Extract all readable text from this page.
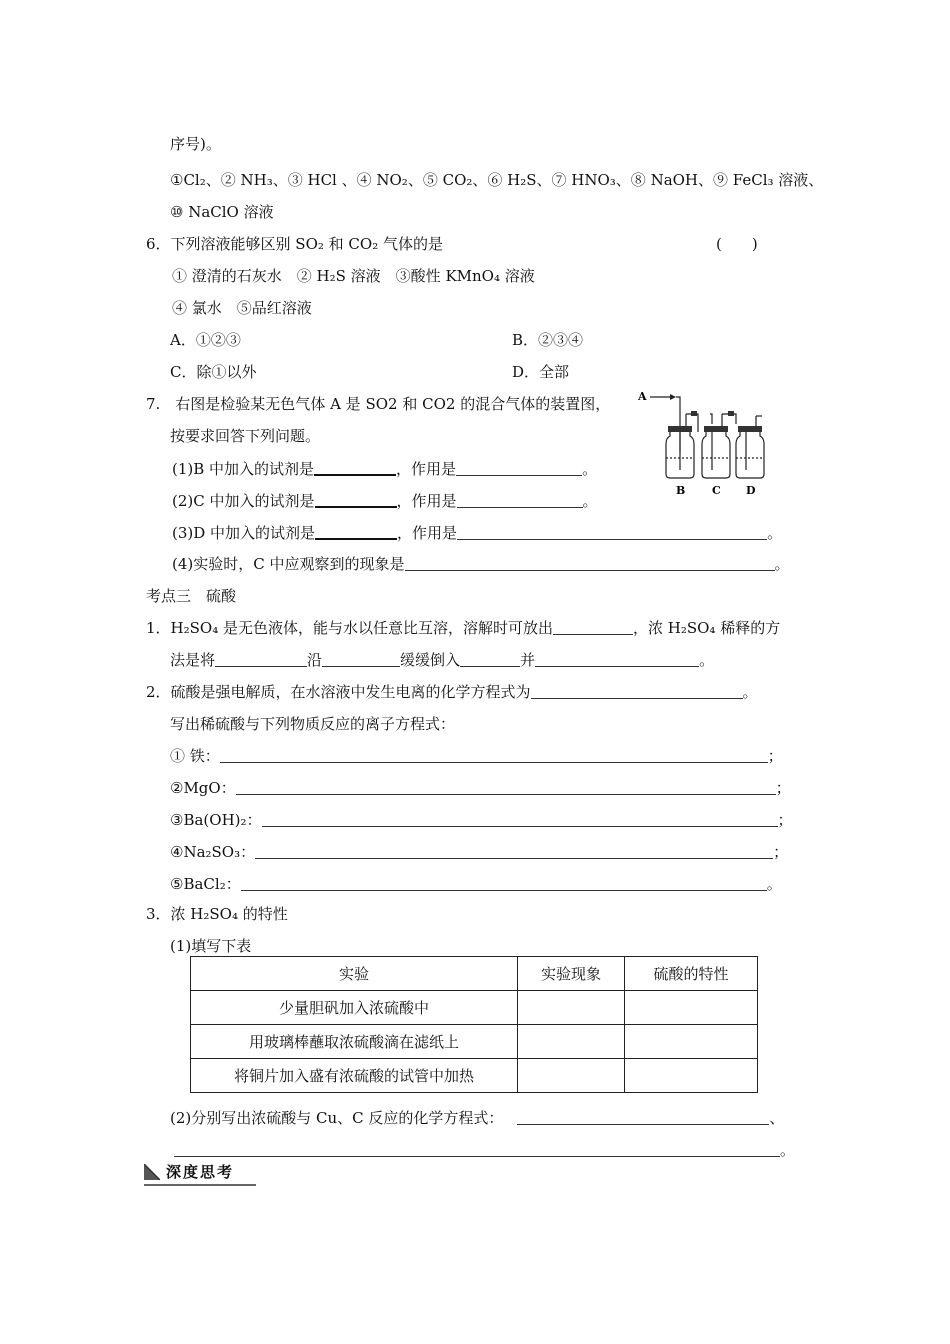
序号)。
①Cl₂、② NH₃、③ HCl 、④ NO₂、⑤ CO₂、⑥ H₂S、⑦ HNO₃、⑧ NaOH、⑨ FeCl₃ 溶液、
⑩ NaClO 溶液
6．下列溶液能够区别 SO₂ 和 CO₂ 气体的是	(　　)
① 澄清的石灰水　② H₂S 溶液　③酸性 KMnO₄ 溶液
④ 氯水　⑤品红溶液
A．①②③	B．②③④
C．除①以外	D．全部
7.　右图是检验某无色气体 A 是 SO2 和 CO2 的混合气体的装置图，
按要求回答下列问题。
(1)B 中加入的试剂是	，作用是	。
(2)C 中加入的试剂是	，作用是	。
(3)D 中加入的试剂是	，作用是	。
(4)实验时，C 中应观察到的现象是	。
A
B C D
考点三　硫酸
1．H₂SO₄ 是无色液体，能与水以任意比互溶，溶解时可放出	，浓 H₂SO₄ 稀释的方
法是将	沿	缓缓倒入	并	。
2．硫酸是强电解质，在水溶液中发生电离的化学方程式为	。
写出稀硫酸与下列物质反应的离子方程式：
① 铁：	；
②MgO：	；
③Ba(OH)₂：	；
④Na₂SO₃：	；
⑤BaCl₂：	。
3．浓 H₂SO₄ 的特性
(1)填写下表
实验	实验现象	硫酸的特性
少量胆矾加入浓硫酸中		
用玻璃棒蘸取浓硫酸滴在滤纸上		
将铜片加入盛有浓硫酸的试管中加热		
(2)分别写出浓硫酸与 Cu、C 反应的化学方程式：	、
。
深度思考
